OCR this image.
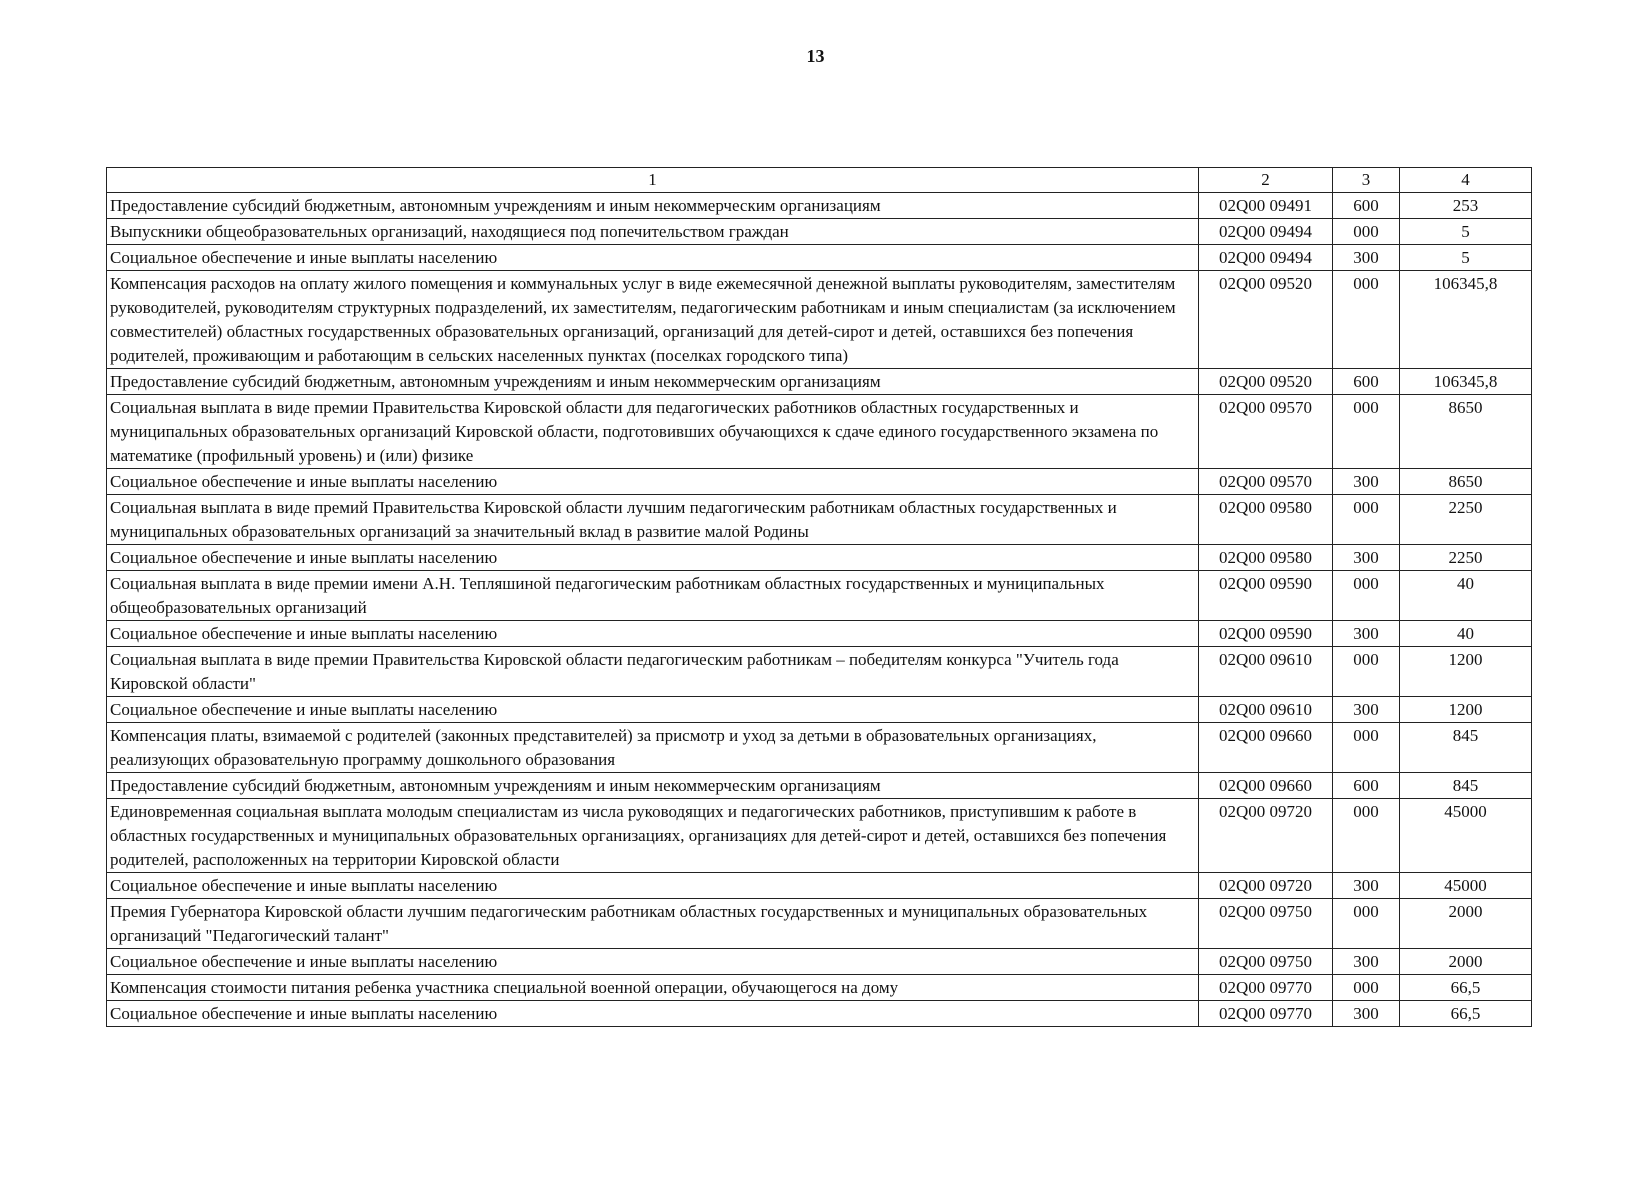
13
1	2	3	4
Предоставление субсидий бюджетным, автономным учреждениям и иным некоммерческим организациям	02Q00 09491	600	253
Выпускники общеобразовательных организаций, находящиеся под попечительством граждан	02Q00 09494	000	5
Социальное обеспечение и иные выплаты населению	02Q00 09494	300	5
Компенсация расходов на оплату жилого помещения и коммунальных услуг в виде ежемесячной денежной выплаты руководителям, заместителям руководителей, руководителям структурных подразделений, их заместителям, педагогическим работникам и иным специалистам (за исключением совместителей) областных государственных образовательных организаций, организаций для детей-сирот и детей, оставшихся без попечения родителей, проживающим и работающим в сельских населенных пунктах (поселках городского типа)	02Q00 09520	000	106345,8
Предоставление субсидий бюджетным, автономным учреждениям и иным некоммерческим организациям	02Q00 09520	600	106345,8
Социальная выплата в виде премии Правительства Кировской области для педагогических работников областных государственных и муниципальных образовательных организаций Кировской области, подготовивших обучающихся к сдаче единого государственного экзамена по математике (профильный уровень) и (или) физике	02Q00 09570	000	8650
Социальное обеспечение и иные выплаты населению	02Q00 09570	300	8650
Социальная выплата в виде премий Правительства Кировской области лучшим педагогическим работникам областных государственных и муниципальных образовательных организаций за значительный вклад в развитие малой Родины	02Q00 09580	000	2250
Социальное обеспечение и иные выплаты населению	02Q00 09580	300	2250
Социальная выплата в виде премии имени А.Н. Тепляшиной педагогическим работникам областных государственных и муниципальных общеобразовательных организаций	02Q00 09590	000	40
Социальное обеспечение и иные выплаты населению	02Q00 09590	300	40
Социальная выплата в виде премии Правительства Кировской области педагогическим работникам – победителям конкурса "Учитель года Кировской области"	02Q00 09610	000	1200
Социальное обеспечение и иные выплаты населению	02Q00 09610	300	1200
Компенсация платы, взимаемой с родителей (законных представителей) за присмотр и уход за детьми в образовательных организациях, реализующих образовательную программу дошкольного образования	02Q00 09660	000	845
Предоставление субсидий бюджетным, автономным учреждениям и иным некоммерческим организациям	02Q00 09660	600	845
Единовременная социальная выплата молодым специалистам из числа руководящих и педагогических работников, приступившим к работе в областных государственных и муниципальных образовательных организациях, организациях для детей-сирот и детей, оставшихся без попечения родителей, расположенных на территории Кировской области	02Q00 09720	000	45000
Социальное обеспечение и иные выплаты населению	02Q00 09720	300	45000
Премия Губернатора Кировской области лучшим педагогическим работникам областных государственных и муниципальных образовательных организаций "Педагогический талант"	02Q00 09750	000	2000
Социальное обеспечение и иные выплаты населению	02Q00 09750	300	2000
Компенсация стоимости питания ребенка участника специальной военной операции, обучающегося на дому	02Q00 09770	000	66,5
Социальное обеспечение и иные выплаты населению	02Q00 09770	300	66,5
